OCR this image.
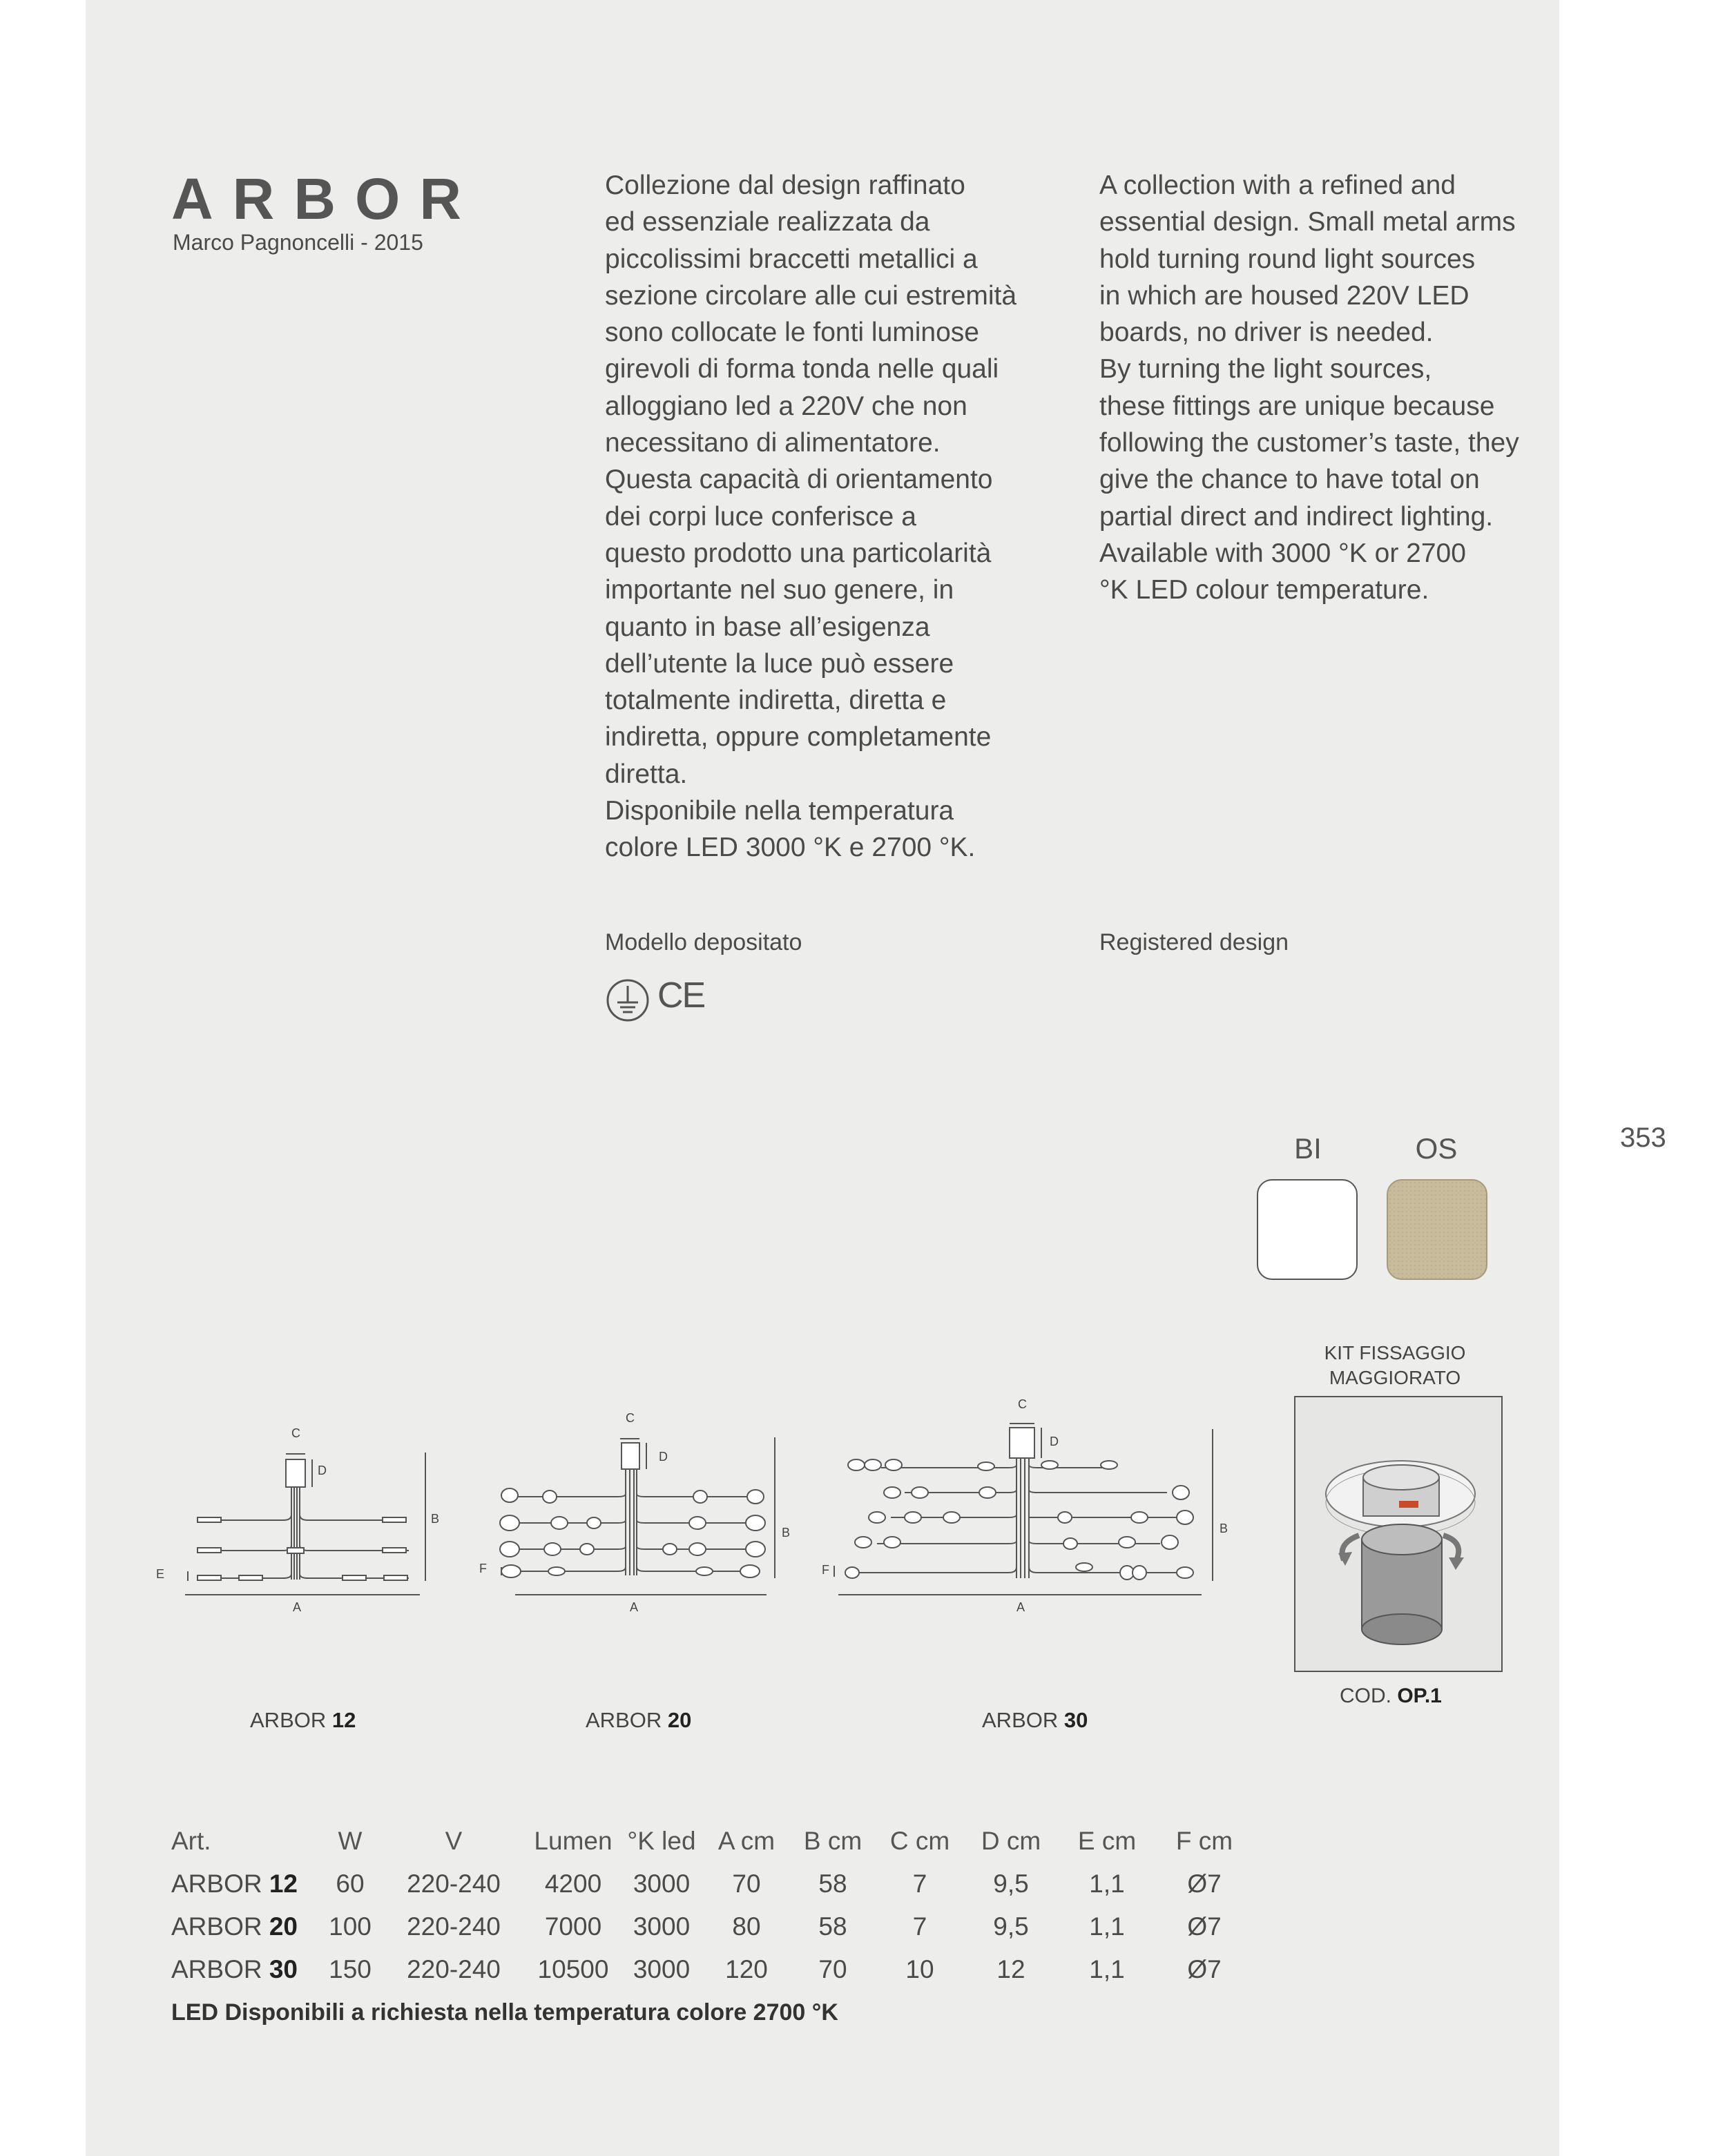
ARBOR
Marco Pagnoncelli - 2015
Collezione dal design raffinato
ed essenziale realizzata da
piccolissimi braccetti metallici a
sezione circolare alle cui estremità
sono collocate le fonti luminose
girevoli di forma tonda nelle quali
alloggiano led a 220V che non
necessitano di alimentatore.
Questa capacità di orientamento
dei corpi luce conferisce a
questo prodotto una particolarità
importante nel suo genere, in
quanto in base all’esigenza
dell’utente la luce può essere
totalmente indiretta, diretta e
indiretta, oppure completamente
diretta.
Disponibile nella temperatura
colore LED 3000 °K e 2700 °K.
A collection with a refined and
essential design. Small metal arms
hold turning round light sources
in which are housed 220V LED
boards, no driver is needed.
By turning the light sources,
these fittings are unique because
following the customer’s taste, they
give the chance to have total on
partial direct and indirect lighting.
Available with 3000 °K or 2700
°K LED colour temperature.
Modello depositato	Registered design
CE
353
BI	OS
KIT FISSAGGIO
MAGGIORATO
COD. OP.1
C
D
B
E
A
C
D
B
F
A
C
D
B
F
A
ARBOR 12	ARBOR 20	ARBOR 30
Art.	W	V	Lumen	°K led	A cm	B cm	C cm	D cm	E cm	F cm
ARBOR 12	60	220-240	4200	3000	70	58	7	9,5	1,1	Ø7
ARBOR 20	100	220-240	7000	3000	80	58	7	9,5	1,1	Ø7
ARBOR 30	150	220-240	10500	3000	120	70	10	12	1,1	Ø7
LED Disponibili a richiesta nella temperatura colore 2700 °K
